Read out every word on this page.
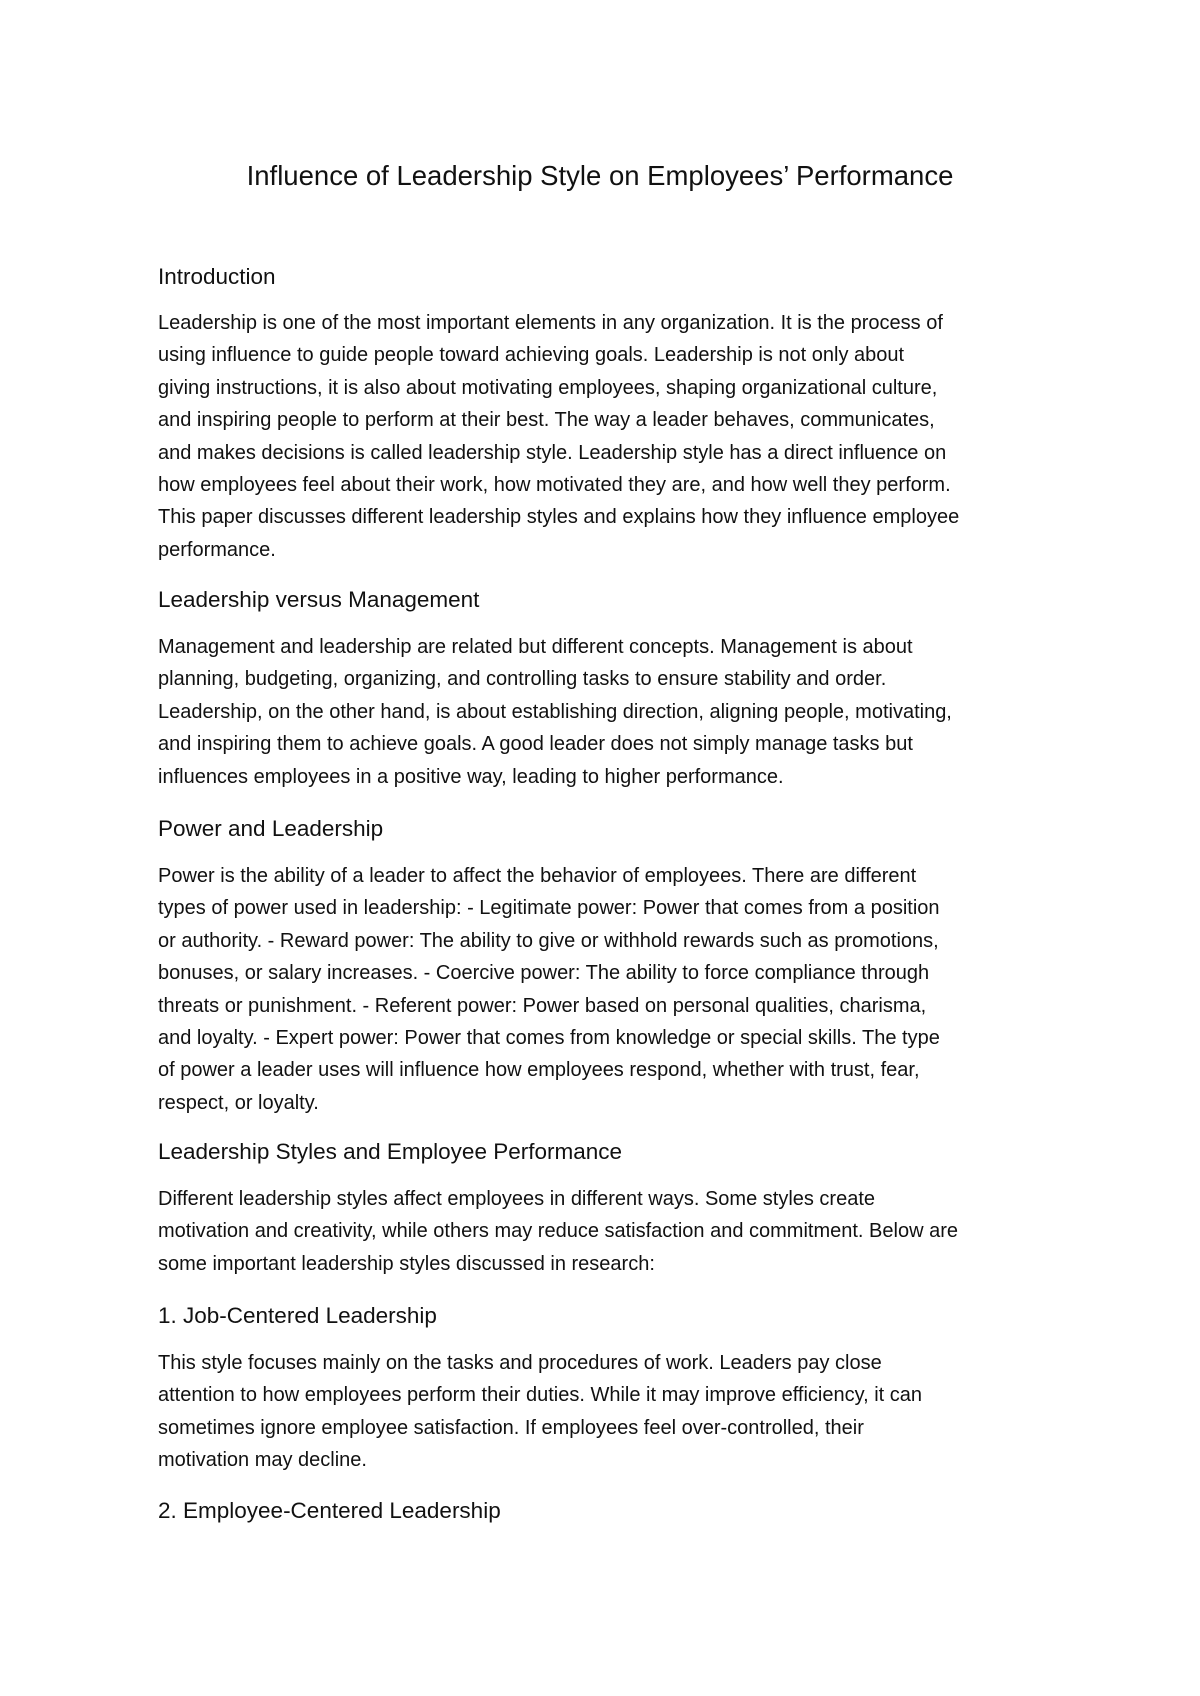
Influence of Leadership Style on Employees’ Performance
Introduction
Leadership is one of the most important elements in any organization. It is the process of
using influence to guide people toward achieving goals. Leadership is not only about
giving instructions, it is also about motivating employees, shaping organizational culture,
and inspiring people to perform at their best. The way a leader behaves, communicates,
and makes decisions is called leadership style. Leadership style has a direct influence on
how employees feel about their work, how motivated they are, and how well they perform.
This paper discusses different leadership styles and explains how they influence employee
performance.
Leadership versus Management
Management and leadership are related but different concepts. Management is about
planning, budgeting, organizing, and controlling tasks to ensure stability and order.
Leadership, on the other hand, is about establishing direction, aligning people, motivating,
and inspiring them to achieve goals. A good leader does not simply manage tasks but
influences employees in a positive way, leading to higher performance.
Power and Leadership
Power is the ability of a leader to affect the behavior of employees. There are different
types of power used in leadership: - Legitimate power: Power that comes from a position
or authority. - Reward power: The ability to give or withhold rewards such as promotions,
bonuses, or salary increases. - Coercive power: The ability to force compliance through
threats or punishment. - Referent power: Power based on personal qualities, charisma,
and loyalty. - Expert power: Power that comes from knowledge or special skills. The type
of power a leader uses will influence how employees respond, whether with trust, fear,
respect, or loyalty.
Leadership Styles and Employee Performance
Different leadership styles affect employees in different ways. Some styles create
motivation and creativity, while others may reduce satisfaction and commitment. Below are
some important leadership styles discussed in research:
1. Job-Centered Leadership
This style focuses mainly on the tasks and procedures of work. Leaders pay close
attention to how employees perform their duties. While it may improve efficiency, it can
sometimes ignore employee satisfaction. If employees feel over-controlled, their
motivation may decline.
2. Employee-Centered Leadership
